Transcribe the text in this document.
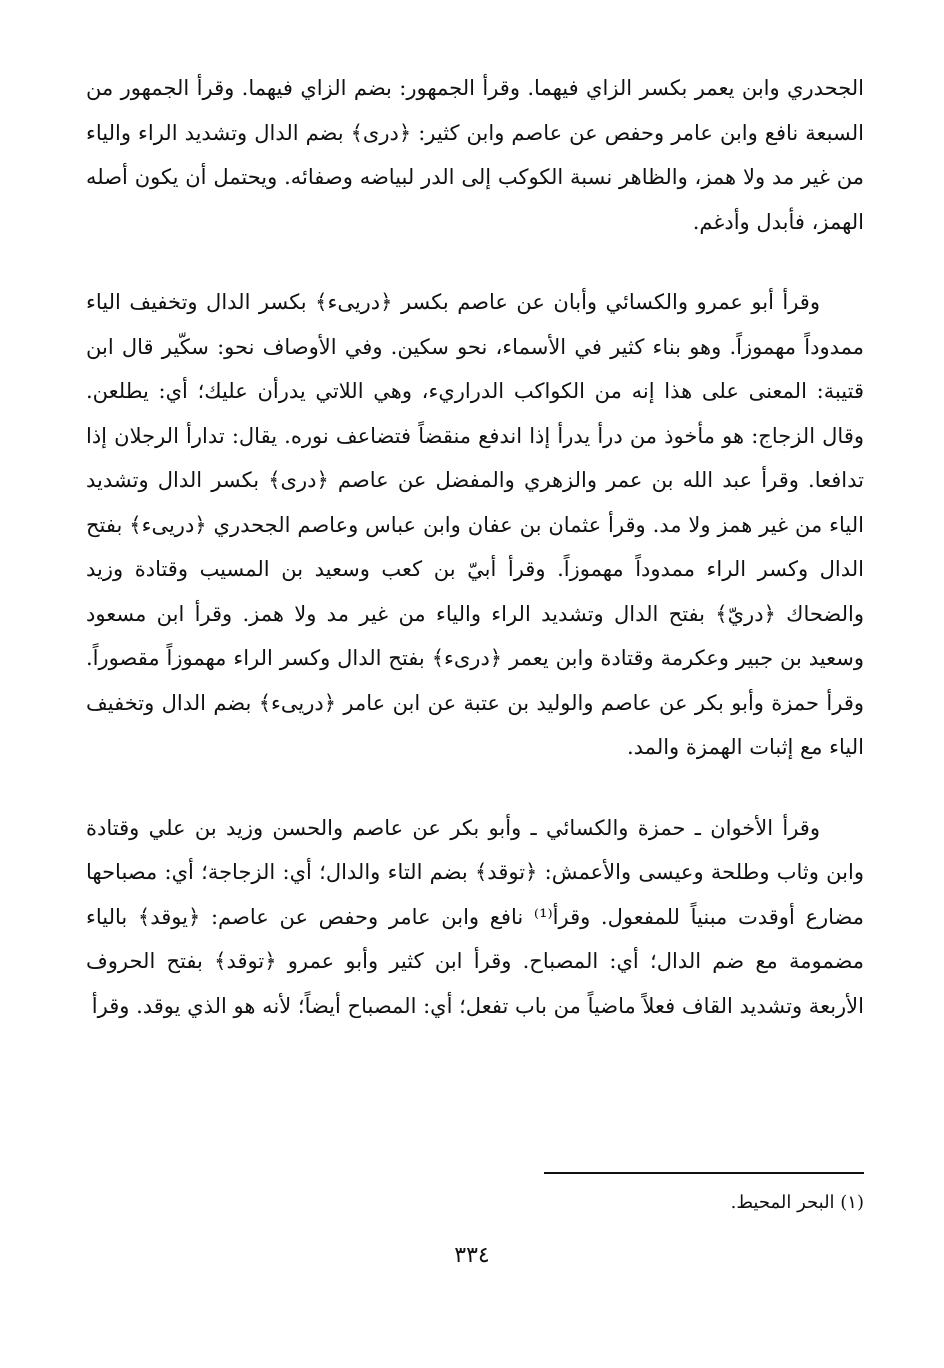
الجحدري وابن يعمر بكسر الزاي فيهما. وقرأ الجمهور: بضم الزاي فيهما. وقرأ الجمهور من السبعة نافع وابن عامر وحفص عن عاصم وابن كثير: ﴿درى﴾ بضم الدال وتشديد الراء والياء من غير مد ولا همز، والظاهر نسبة الكوكب إلى الدر لبياضه وصفائه. ويحتمل أن يكون أصله الهمز، فأبدل وأدغم.

وقرأ أبو عمرو والكسائي وأبان عن عاصم بكسر ﴿دريىء﴾ بكسر الدال وتخفيف الياء ممدوداً مهموزاً. وهو بناء كثير في الأسماء، نحو سكين. وفي الأوصاف نحو: سكّير قال ابن قتيبة: المعنى على هذا إنه من الكواكب الدراريء، وهي اللاتي يدرأن عليك؛ أي: يطلعن. وقال الزجاج: هو مأخوذ من درأ يدرأ إذا اندفع منقضاً فتضاعف نوره. يقال: تدارأ الرجلان إذا تدافعا. وقرأ عبد الله بن عمر والزهري والمفضل عن عاصم ﴿درى﴾ بكسر الدال وتشديد الياء من غير همز ولا مد. وقرأ عثمان بن عفان وابن عباس وعاصم الجحدري ﴿دريىء﴾ بفتح الدال وكسر الراء ممدوداً مهموزاً. وقرأ أبيّ بن كعب وسعيد بن المسيب وقتادة وزيد والضحاك ﴿دريّ﴾ بفتح الدال وتشديد الراء والياء من غير مد ولا همز. وقرأ ابن مسعود وسعيد بن جبير وعكرمة وقتادة وابن يعمر ﴿درىء﴾ بفتح الدال وكسر الراء مهموزاً مقصوراً. وقرأ حمزة وأبو بكر عن عاصم والوليد بن عتبة عن ابن عامر ﴿دريىء﴾ بضم الدال وتخفيف الياء مع إثبات الهمزة والمد.

وقرأ الأخوان ـ حمزة والكسائي ـ وأبو بكر عن عاصم والحسن وزيد بن علي وقتادة وابن وثاب وطلحة وعيسى والأعمش: ﴿توقد﴾ بضم التاء والدال؛ أي: الزجاجة؛ أي: مصباحها مضارع أوقدت مبنياً للمفعول. وقرأ⁽¹⁾ نافع وابن عامر وحفص عن عاصم: ﴿يوقد﴾ بالياء مضمومة مع ضم الدال؛ أي: المصباح. وقرأ ابن كثير وأبو عمرو ﴿توقد﴾ بفتح الحروف الأربعة وتشديد القاف فعلاً ماضياً من باب تفعل؛ أي: المصباح أيضاً؛ لأنه هو الذي يوقد. وقرأ

(١) البحر المحيط.
٣٣٤
